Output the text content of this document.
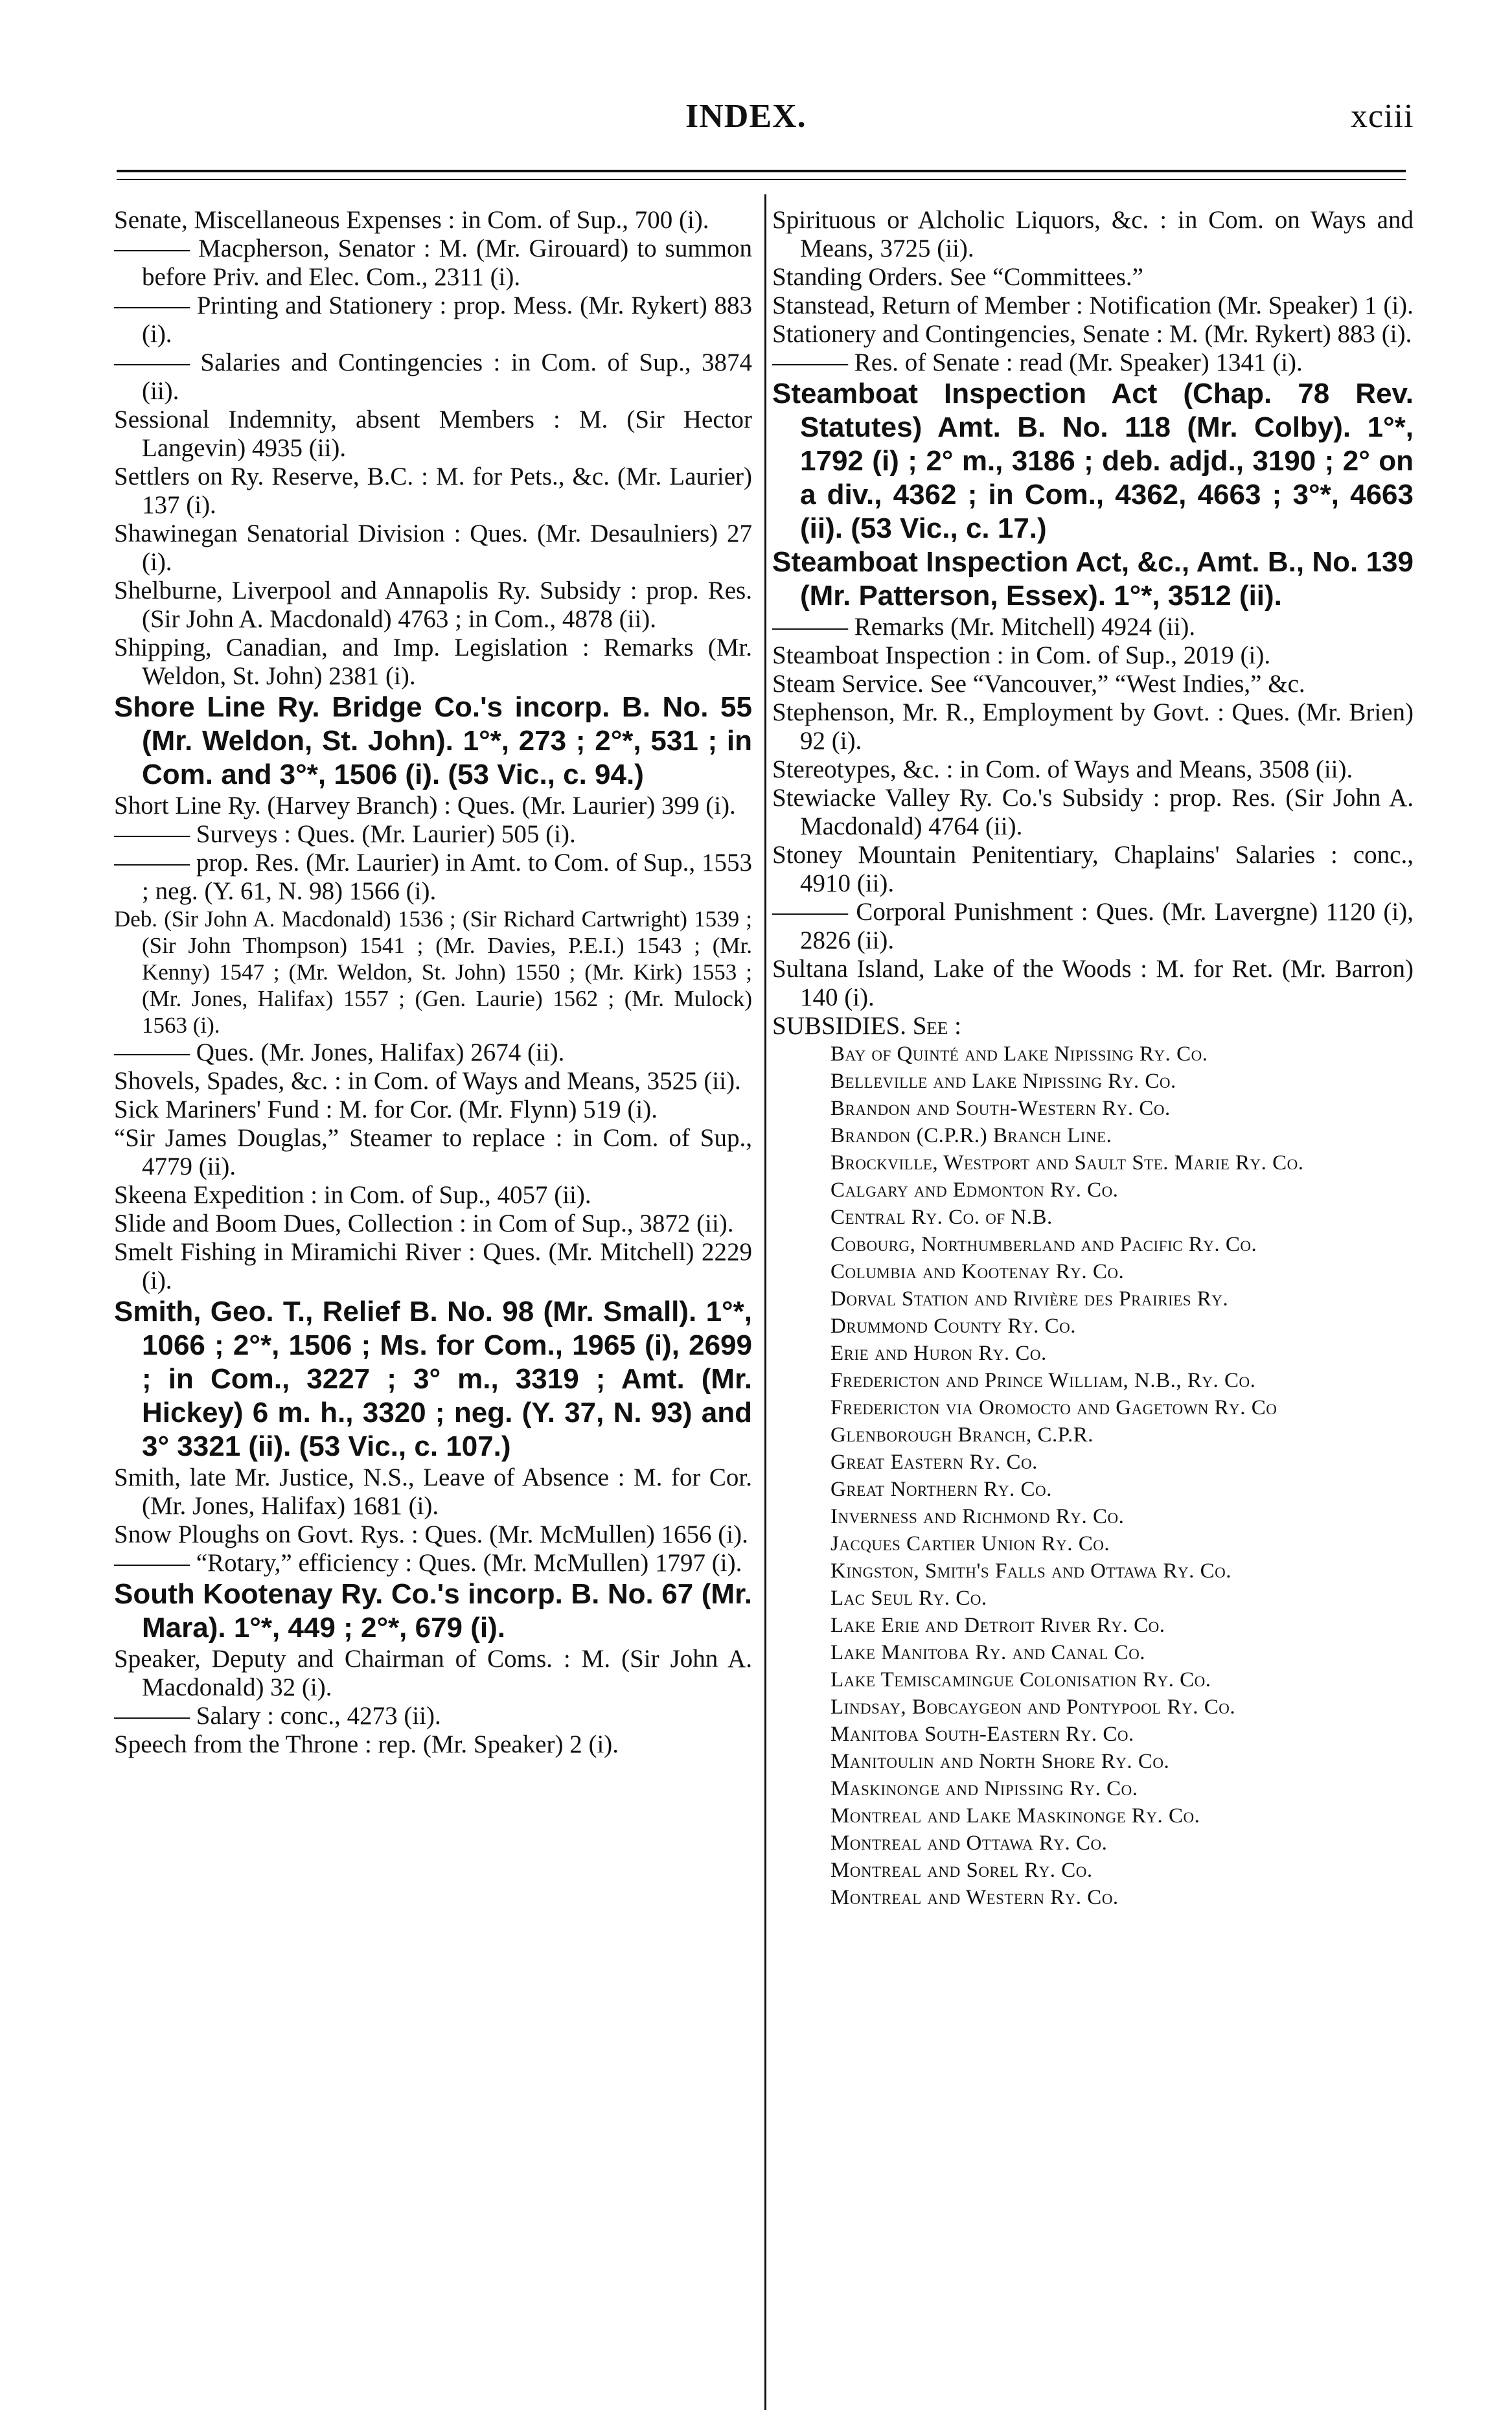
INDEX.	xciii

Senate, Miscellaneous Expenses : in Com. of Sup., 700 (i).

——— Macpherson, Senator : M. (Mr. Girouard) to summon before Priv. and Elec. Com., 2311 (i).

——— Printing and Stationery : prop. Mess. (Mr. Rykert) 883 (i).

——— Salaries and Contingencies : in Com. of Sup., 3874 (ii).

Sessional Indemnity, absent Members : M. (Sir Hector Langevin) 4935 (ii).

Settlers on Ry. Reserve, B.C. : M. for Pets., &c. (Mr. Laurier) 137 (i).

Shawinegan Senatorial Division : Ques. (Mr. Desaulniers) 27 (i).

Shelburne, Liverpool and Annapolis Ry. Subsidy : prop. Res. (Sir John A. Macdonald) 4763 ; in Com., 4878 (ii).

Shipping, Canadian, and Imp. Legislation : Remarks (Mr. Weldon, St. John) 2381 (i).

Shore Line Ry. Bridge Co.'s incorp. B. No. 55 (Mr. Weldon, St. John). 1°*, 273 ; 2°*, 531 ; in Com. and 3°*, 1506 (i). (53 Vic., c. 94.)

Short Line Ry. (Harvey Branch) : Ques. (Mr. Laurier) 399 (i).

——— Surveys : Ques. (Mr. Laurier) 505 (i).

——— prop. Res. (Mr. Laurier) in Amt. to Com. of Sup., 1553 ; neg. (Y. 61, N. 98) 1566 (i).

Deb. (Sir John A. Macdonald) 1536 ; (Sir Richard Cartwright) 1539 ; (Sir John Thompson) 1541 ; (Mr. Davies, P.E.I.) 1543 ; (Mr. Kenny) 1547 ; (Mr. Weldon, St. John) 1550 ; (Mr. Kirk) 1553 ; (Mr. Jones, Halifax) 1557 ; (Gen. Laurie) 1562 ; (Mr. Mulock) 1563 (i).

——— Ques. (Mr. Jones, Halifax) 2674 (ii).

Shovels, Spades, &c. : in Com. of Ways and Means, 3525 (ii).

Sick Mariners' Fund : M. for Cor. (Mr. Flynn) 519 (i).

“Sir James Douglas,” Steamer to replace : in Com. of Sup., 4779 (ii).

Skeena Expedition : in Com. of Sup., 4057 (ii).

Slide and Boom Dues, Collection : in Com of Sup., 3872 (ii).

Smelt Fishing in Miramichi River : Ques. (Mr. Mitchell) 2229 (i).

Smith, Geo. T., Relief B. No. 98 (Mr. Small). 1°*, 1066 ; 2°*, 1506 ; Ms. for Com., 1965 (i), 2699 ; in Com., 3227 ; 3° m., 3319 ; Amt. (Mr. Hickey) 6 m. h., 3320 ; neg. (Y. 37, N. 93) and 3° 3321 (ii). (53 Vic., c. 107.)

Smith, late Mr. Justice, N.S., Leave of Absence : M. for Cor. (Mr. Jones, Halifax) 1681 (i).

Snow Ploughs on Govt. Rys. : Ques. (Mr. McMullen) 1656 (i).

——— “Rotary,” efficiency : Ques. (Mr. McMullen) 1797 (i).

South Kootenay Ry. Co.'s incorp. B. No. 67 (Mr. Mara). 1°*, 449 ; 2°*, 679 (i).

Speaker, Deputy and Chairman of Coms. : M. (Sir John A. Macdonald) 32 (i).

——— Salary : conc., 4273 (ii).

Speech from the Throne : rep. (Mr. Speaker) 2 (i).

Spirituous or Alcholic Liquors, &c. : in Com. on Ways and Means, 3725 (ii).

Standing Orders. See “Committees.”

Stanstead, Return of Member : Notification (Mr. Speaker) 1 (i).

Stationery and Contingencies, Senate : M. (Mr. Rykert) 883 (i).

——— Res. of Senate : read (Mr. Speaker) 1341 (i).

Steamboat Inspection Act (Chap. 78 Rev. Statutes) Amt. B. No. 118 (Mr. Colby). 1°*, 1792 (i) ; 2° m., 3186 ; deb. adjd., 3190 ; 2° on a div., 4362 ; in Com., 4362, 4663 ; 3°*, 4663 (ii). (53 Vic., c. 17.)

Steamboat Inspection Act, &c., Amt. B., No. 139 (Mr. Patterson, Essex). 1°*, 3512 (ii).

——— Remarks (Mr. Mitchell) 4924 (ii).

Steamboat Inspection : in Com. of Sup., 2019 (i).

Steam Service. See “Vancouver,” “West Indies,” &c.

Stephenson, Mr. R., Employment by Govt. : Ques. (Mr. Brien) 92 (i).

Stereotypes, &c. : in Com. of Ways and Means, 3508 (ii).

Stewiacke Valley Ry. Co.'s Subsidy : prop. Res. (Sir John A. Macdonald) 4764 (ii).

Stoney Mountain Penitentiary, Chaplains' Salaries : conc., 4910 (ii).

——— Corporal Punishment : Ques. (Mr. Lavergne) 1120 (i), 2826 (ii).

Sultana Island, Lake of the Woods : M. for Ret. (Mr. Barron) 140 (i).

SUBSIDIES. See :

Bay of Quinté and Lake Nipissing Ry. Co.

Belleville and Lake Nipissing Ry. Co.

Brandon and South-Western Ry. Co.

Brandon (C.P.R.) Branch Line.

Brockville, Westport and Sault Ste. Marie Ry. Co.

Calgary and Edmonton Ry. Co.

Central Ry. Co. of N.B.

Cobourg, Northumberland and Pacific Ry. Co.

Columbia and Kootenay Ry. Co.

Dorval Station and Rivière des Prairies Ry.

Drummond County Ry. Co.

Erie and Huron Ry. Co.

Fredericton and Prince William, N.B., Ry. Co.

Fredericton via Oromocto and Gagetown Ry. Co

Glenborough Branch, C.P.R.

Great Eastern Ry. Co.

Great Northern Ry. Co.

Inverness and Richmond Ry. Co.

Jacques Cartier Union Ry. Co.

Kingston, Smith's Falls and Ottawa Ry. Co.

Lac Seul Ry. Co.

Lake Erie and Detroit River Ry. Co.

Lake Manitoba Ry. and Canal Co.

Lake Temiscamingue Colonisation Ry. Co.

Lindsay, Bobcaygeon and Pontypool Ry. Co.

Manitoba South-Eastern Ry. Co.

Manitoulin and North Shore Ry. Co.

Maskinonge and Nipissing Ry. Co.

Montreal and Lake Maskinonge Ry. Co.

Montreal and Ottawa Ry. Co.

Montreal and Sorel Ry. Co.

Montreal and Western Ry. Co.
